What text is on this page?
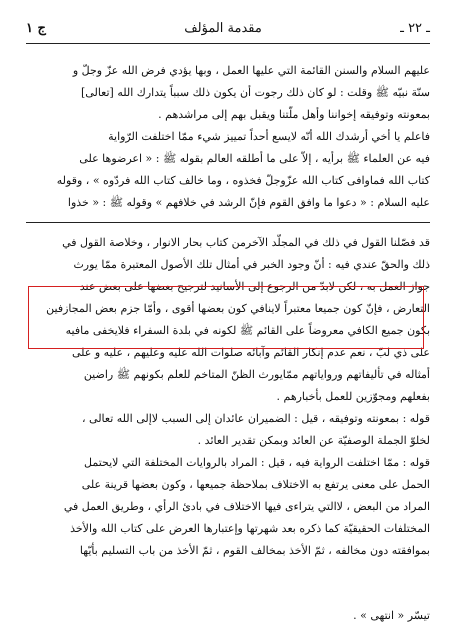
ـ ٢٢ ـ
مقدمة المؤلف
ج ١

عليهم السلام والسنن القائمة التي عليها العمل ، وبها يؤدي فرض الله عزّ وجلّ و

سنّة نبيّه ﷺ وقلت : لو كان ذلك رجوت أن يكون ذلك سبباً يتدارك الله [تعالى]

بمعونته وتوفيقه إخواننا وأهل ملّتنا ويقبل بهم إلى مراشدهم .

فاعلم يا أخي أرشدك الله أنّه لايسع أحداً تمييز شيء ممّا اختلفت الرّواية

فيه عن العلماء ﷺ برأيه ، إلاّ على ما أطلقه العالم بقوله ﷺ : « اعرضوها على

كتاب الله فماوافى كتاب الله عزّوجلّ فخذوه ، وما خالف كتاب الله فردّوه » ، وقوله

عليه السلام : « دعوا ما وافق القوم فإنّ الرشد في خلافهم » وقوله ﷺ : « خذوا

قد فصّلنا القول في ذلك في المجلّد الآخرمن كتاب بحار الانوار ، وخلاصة القول في

ذلك والحقّ عندي فيه : أنّ وجود الخبر في أمثال تلك الأصول المعتبرة ممّا يورث

جواز العمل به ، لكن لابدّ من الرجوع إلى الأسانيد لترجيح بعضها على بعض عند

التعارض ، فإنّ كون جميعا معتبراً لاينافي كون بعضها أقوى ، وأمّا جزم بعض المجازفين

بكون جميع الكافي معروضاً على القائم ﷺ لكونه في بلدة السفراء فلايخفى مافيه

على ذي لبّ ، نعم عدم إنكار القائم وآبائه صلوات الله عليه وعليهم ، عليه و على

أمثاله في تأليفاتهم ورواياتهم ممّايورث الظنّ المتاخم للعلم بكونهم ﷺ راضين

بفعلهم ومجوّزين للعمل بأخبارهم .

قوله : بمعونته وتوفيقه ، قيل : الضميران عائدان إلى السبب لاإلى الله تعالى ،

لخلوّ الجملة الوصفيّة عن العائد وبمكن تقدير العائد .

قوله : ممّا اختلفت الرواية فيه ، قيل : المراد بالروايات المختلفة التي لايحتمل

الحمل على معنى يرتفع به الاختلاف بملاحظة جميعها ، وكون بعضها قرينة على

المراد من البعض ، لاالتي يتراءى فيها الاختلاف في بادئ الرأي ، وطريق العمل في

المختلفات الحقيقيّة كما ذكره بعد شهرتها وإعتبارها العرض على كتاب الله والأخذ

بموافقته دون مخالفه ، ثمّ الأخذ بمخالف القوم ، ثمّ الأخذ من باب التسليم بأيّها

تيسّر « انتهى » .
